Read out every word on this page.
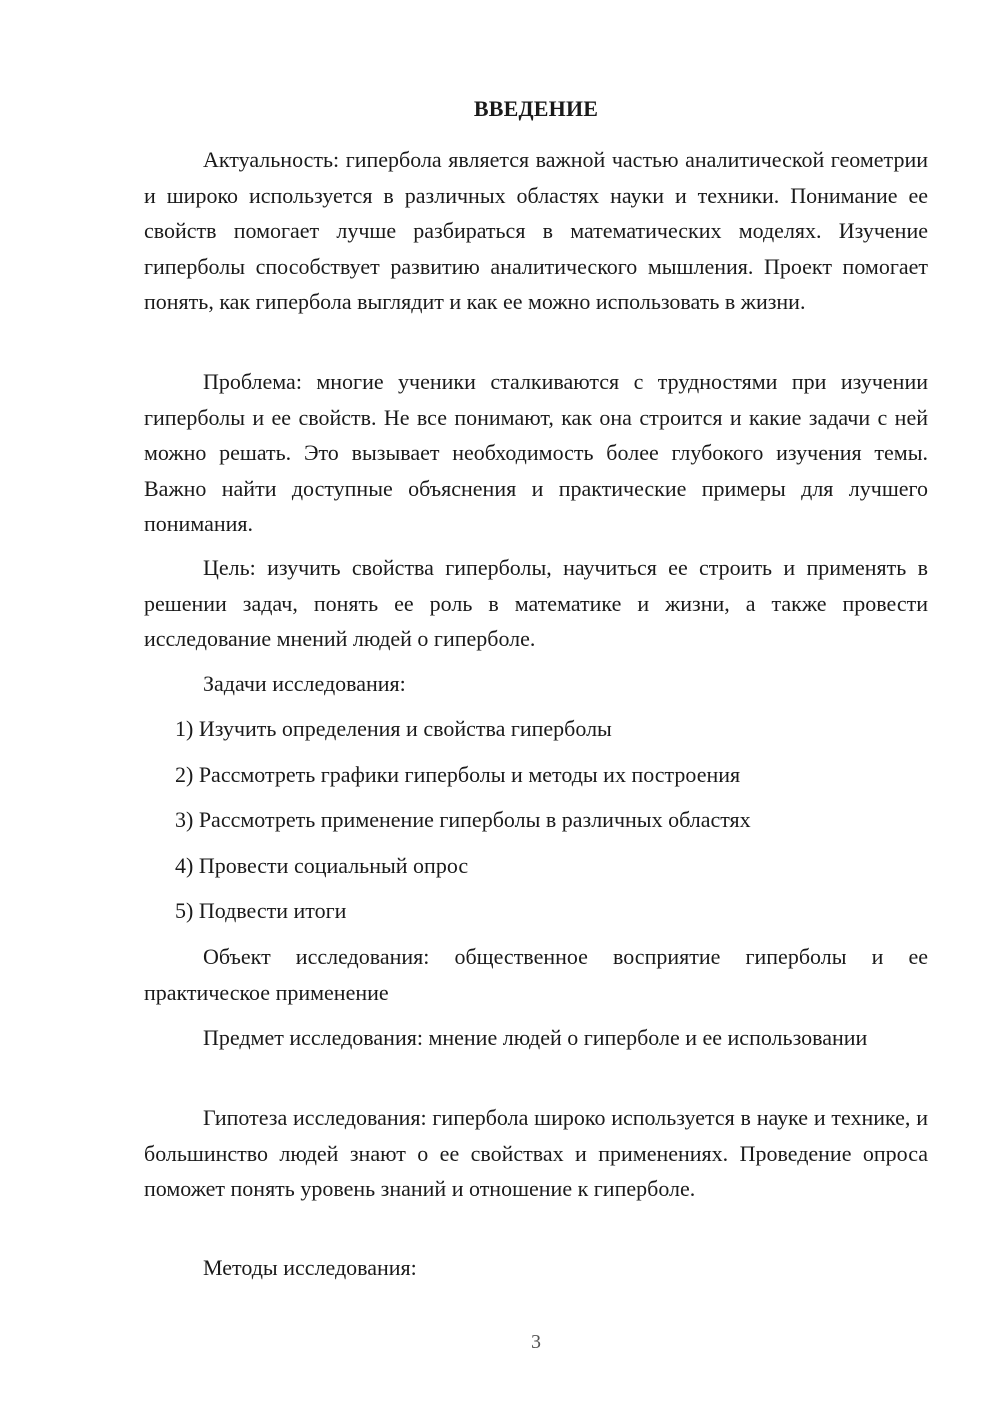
ВВЕДЕНИЕ
Актуальность: гипербола является важной частью аналитической геометрии и широко используется в различных областях науки и техники. Понимание ее свойств помогает лучше разбираться в математических моделях. Изучение гиперболы способствует развитию аналитического мышления. Проект помогает понять, как гипербола выглядит и как ее можно использовать в жизни.
Проблема: многие ученики сталкиваются с трудностями при изучении гиперболы и ее свойств. Не все понимают, как она строится и какие задачи с ней можно решать. Это вызывает необходимость более глубокого изучения темы. Важно найти доступные объяснения и практические примеры для лучшего понимания.
Цель: изучить свойства гиперболы, научиться ее строить и применять в решении задач, понять ее роль в математике и жизни, а также провести исследование мнений людей о гиперболе.
Задачи исследования:
1) Изучить определения и свойства гиперболы
2) Рассмотреть графики гиперболы и методы их построения
3) Рассмотреть применение гиперболы в различных областях
4) Провести социальный опрос
5) Подвести итоги
Объект исследования: общественное восприятие гиперболы и ее практическое применение
Предмет исследования: мнение людей о гиперболе и ее использовании
Гипотеза исследования: гипербола широко используется в науке и технике, и большинство людей знают о ее свойствах и применениях. Проведение опроса поможет понять уровень знаний и отношение к гиперболе.
Методы исследования:
3
